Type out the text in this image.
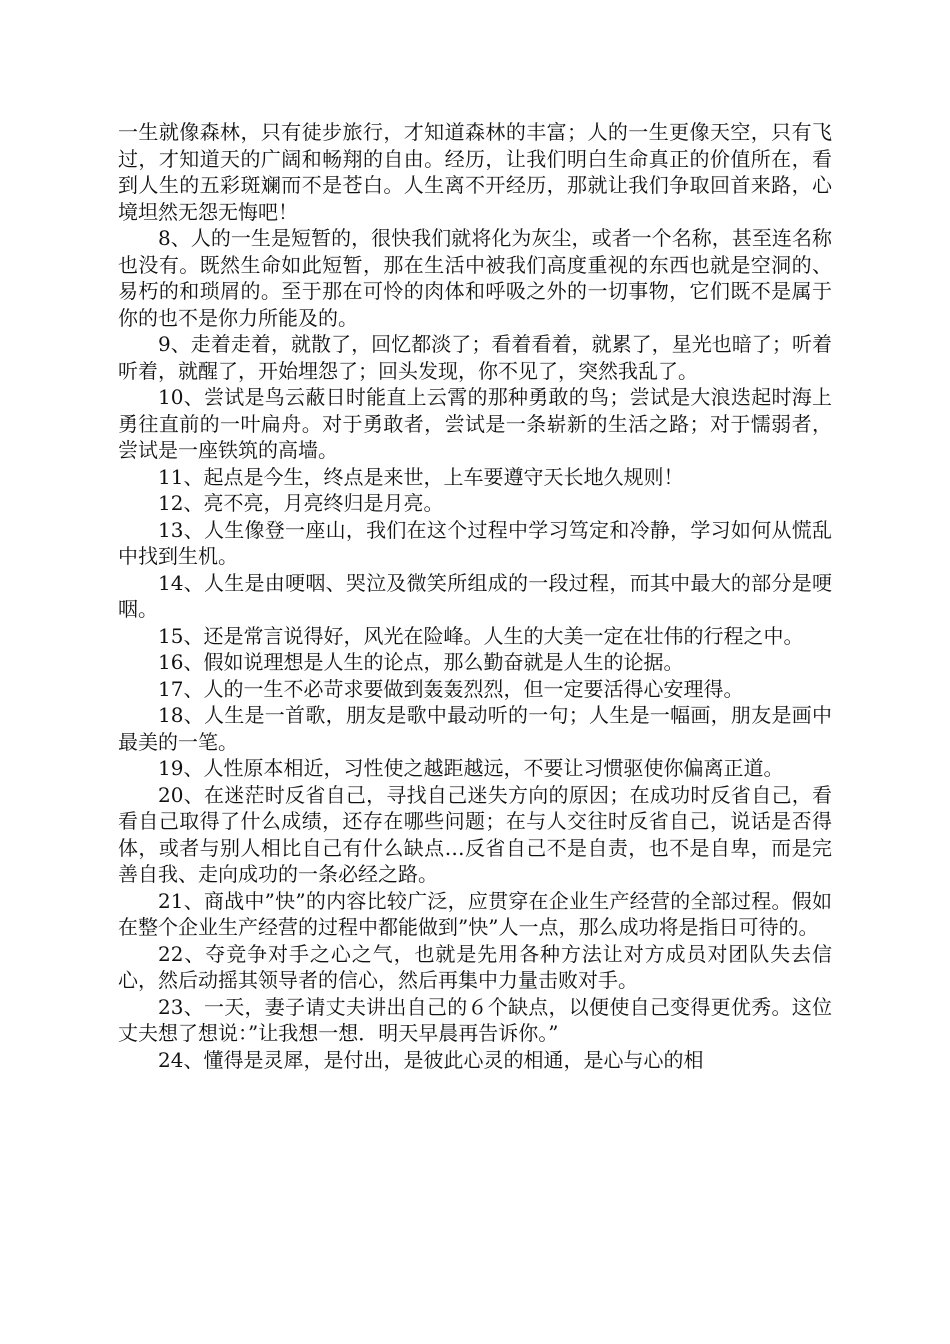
一生就像森林，只有徒步旅行，才知道森林的丰富；人的一生更像天空，只有飞过，才知道天的广阔和畅翔的自由。经历，让我们明白生命真正的价值所在，看到人生的五彩斑斓而不是苍白。人生离不开经历，那就让我们争取回首来路，心境坦然无怨无悔吧！

8、人的一生是短暂的，很快我们就将化为灰尘，或者一个名称，甚至连名称也没有。既然生命如此短暂，那在生活中被我们高度重视的东西也就是空洞的、易朽的和琐屑的。至于那在可怜的肉体和呼吸之外的一切事物，它们既不是属于你的也不是你力所能及的。

9、走着走着，就散了，回忆都淡了；看着看着，就累了，星光也暗了；听着听着，就醒了，开始埋怨了；回头发现，你不见了，突然我乱了。

10、尝试是鸟云蔽日时能直上云霄的那种勇敢的鸟；尝试是大浪迭起时海上勇往直前的一叶扁舟。对于勇敢者，尝试是一条崭新的生活之路；对于懦弱者，尝试是一座铁筑的高墙。

11、起点是今生，终点是来世，上车要遵守天长地久规则！

12、亮不亮，月亮终归是月亮。

13、人生像登一座山，我们在这个过程中学习笃定和冷静，学习如何从慌乱中找到生机。

14、人生是由哽咽、哭泣及微笑所组成的一段过程，而其中最大的部分是哽咽。

15、还是常言说得好，风光在险峰。人生的大美一定在壮伟的行程之中。

16、假如说理想是人生的论点，那么勤奋就是人生的论据。

17、人的一生不必苛求要做到轰轰烈烈，但一定要活得心安理得。

18、人生是一首歌，朋友是歌中最动听的一句；人生是一幅画，朋友是画中最美的一笔。

19、人性原本相近，习性使之越距越远，不要让习惯驱使你偏离正道。

20、在迷茫时反省自己，寻找自己迷失方向的原因；在成功时反省自己，看看自己取得了什么成绩，还存在哪些问题；在与人交往时反省自己，说话是否得体，或者与别人相比自己有什么缺点…反省自己不是自责，也不是自卑，而是完善自我、走向成功的一条必经之路。

21、商战中”快”的内容比较广泛，应贯穿在企业生产经营的全部过程。假如在整个企业生产经营的过程中都能做到”快”人一点，那么成功将是指日可待的。

22、夺竞争对手之心之气，也就是先用各种方法让对方成员对团队失去信心，然后动摇其领导者的信心，然后再集中力量击败对手。

23、一天，妻子请丈夫讲出自己的６个缺点，以便使自己变得更优秀。这位丈夫想了想说：”让我想一想．明天早晨再告诉你。”

24、懂得是灵犀，是付出，是彼此心灵的相通，是心与心的相
